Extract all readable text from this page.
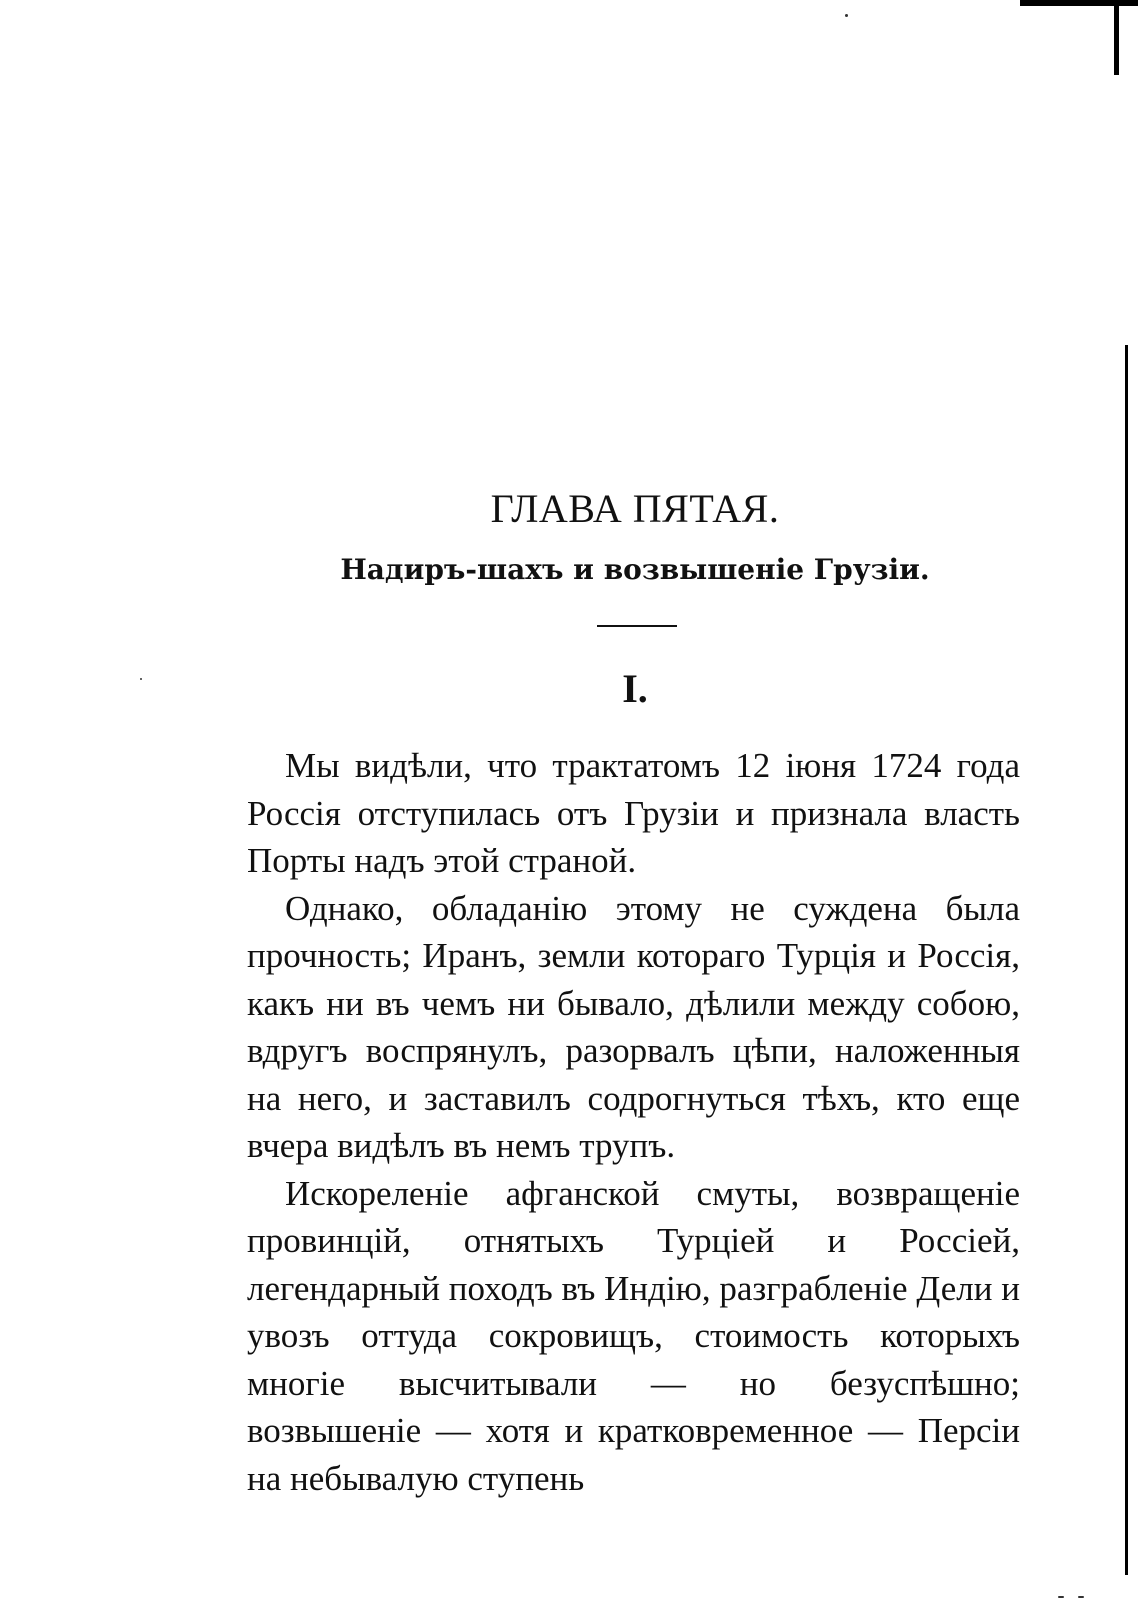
ГЛАВА ПЯТАЯ.
Надиръ-шахъ и возвышеніе Грузіи.
I.

Мы видѣли, что трактатомъ 12 іюня 1724 года Россія отступилась отъ Грузіи и признала власть Порты надъ этой страной.

Однако, обладанію этому не суждена была прочность; Иранъ, земли котораго Турція и Россія, какъ ни въ чемъ ни бывало, дѣлили между собою, вдругъ воспрянулъ, разорвалъ цѣпи, наложенныя на него, и заставилъ содрогнуться тѣхъ, кто еще вчера видѣлъ въ немъ трупъ.

Искореленіе афганской смуты, возвращеніе провинцій, отнятыхъ Турціей и Россіей, легендарный походъ въ Индію, разграбленіе Дели и увозъ оттуда сокровищъ, стоимость которыхъ многіе высчитывали — но безуспѣшно; возвышеніе — хотя и кратковременное — Персіи на небывалую ступень
